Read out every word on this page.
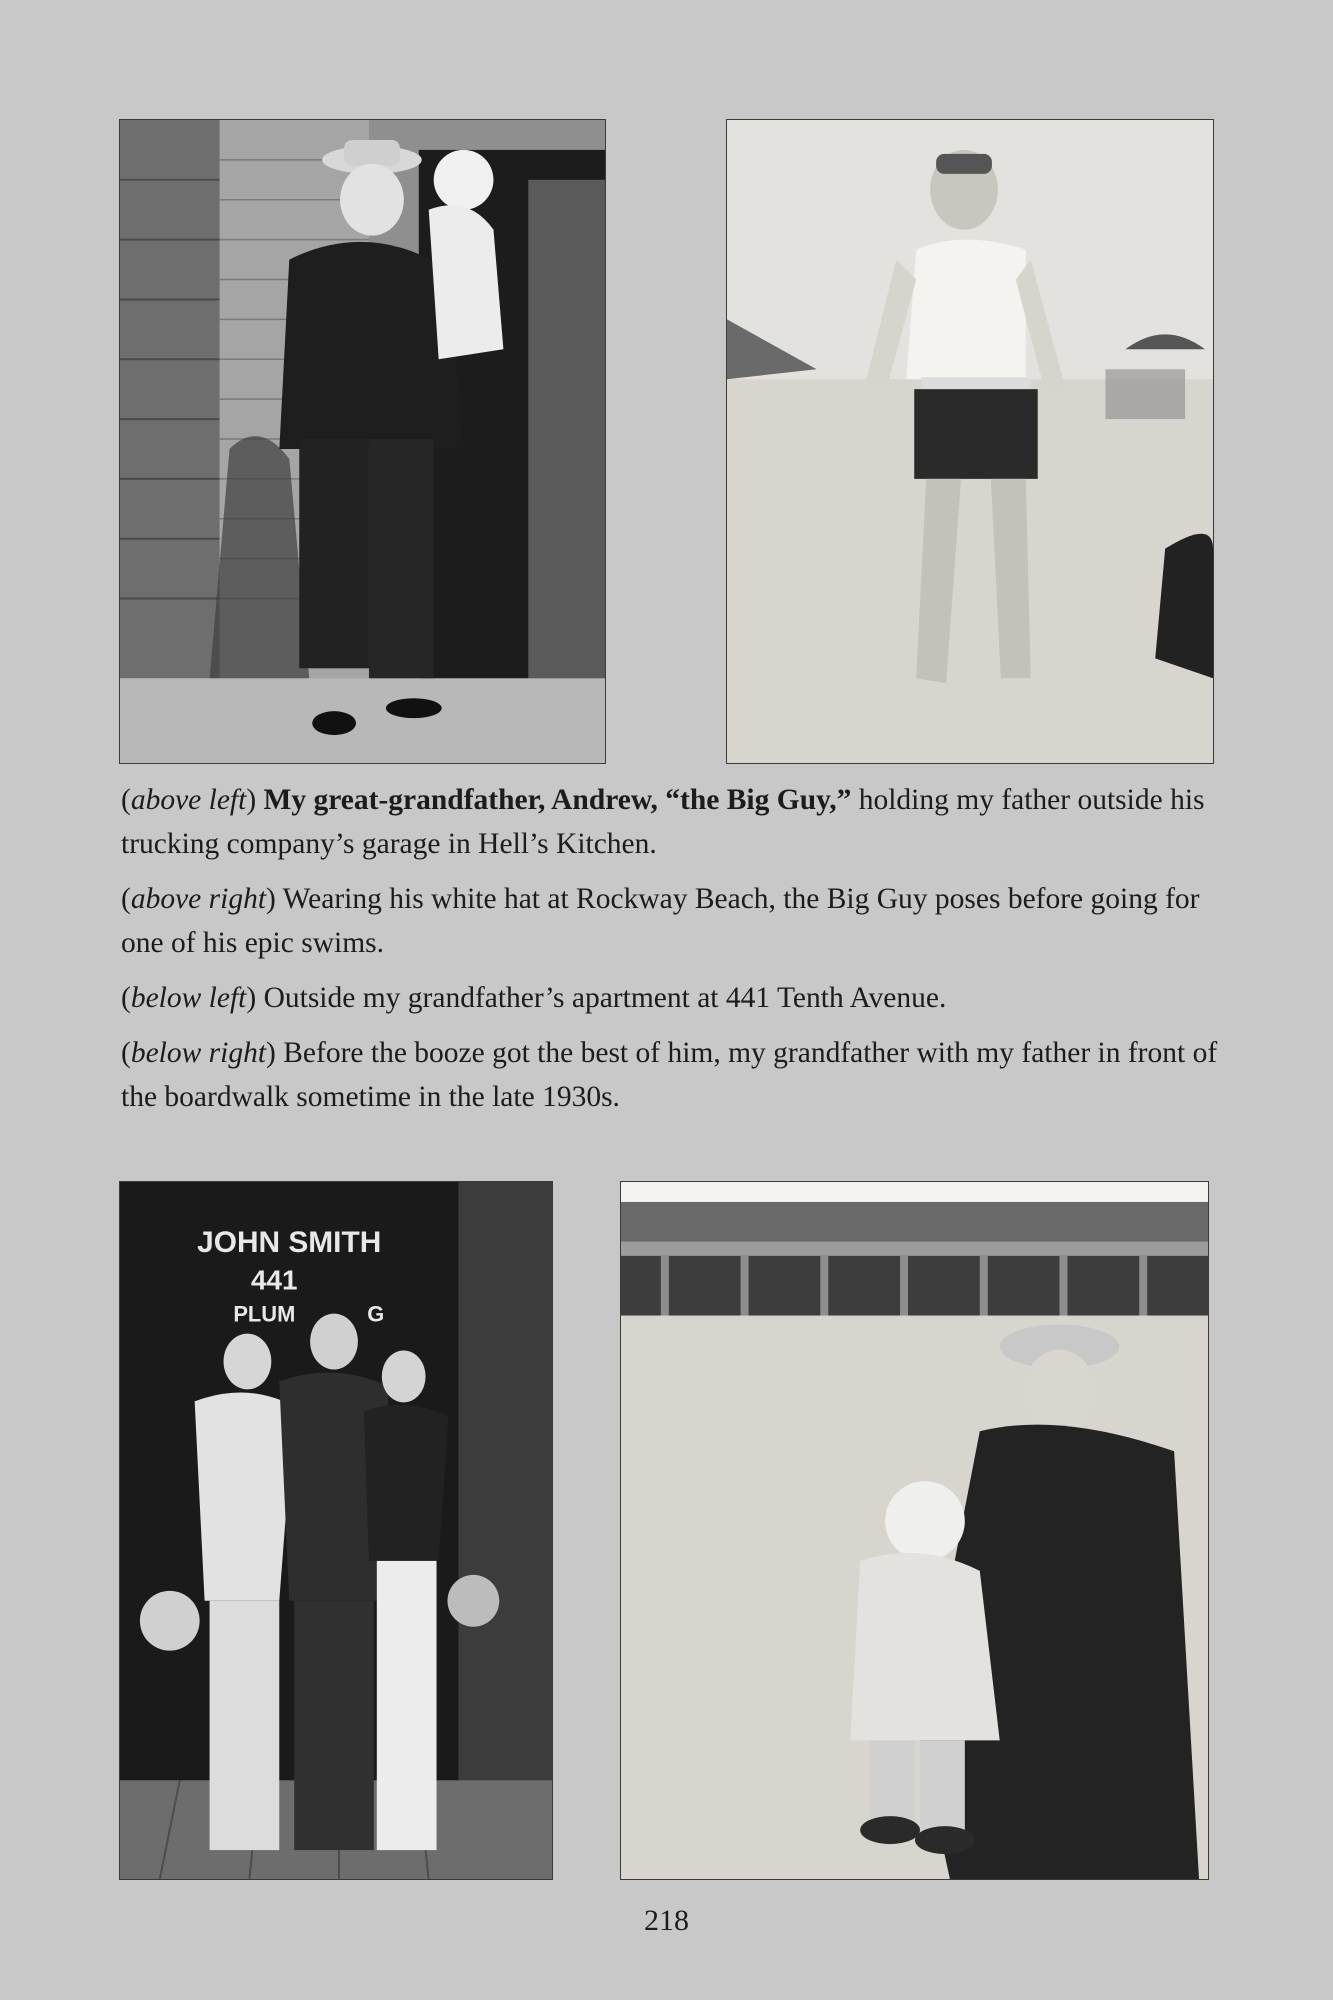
(above left) My great-grandfather, Andrew, “the Big Guy,” holding my father outside his trucking company’s garage in Hell’s Kitchen.

(above right) Wearing his white hat at Rockway Beach, the Big Guy poses before going for one of his epic swims.

(below left) Outside my grandfather’s apartment at 441 Tenth Avenue.

(below right) Before the booze got the best of him, my grandfather with my father in front of the boardwalk sometime in the late 1930s.

JOHN SMITH
441
PLUM	G
218
